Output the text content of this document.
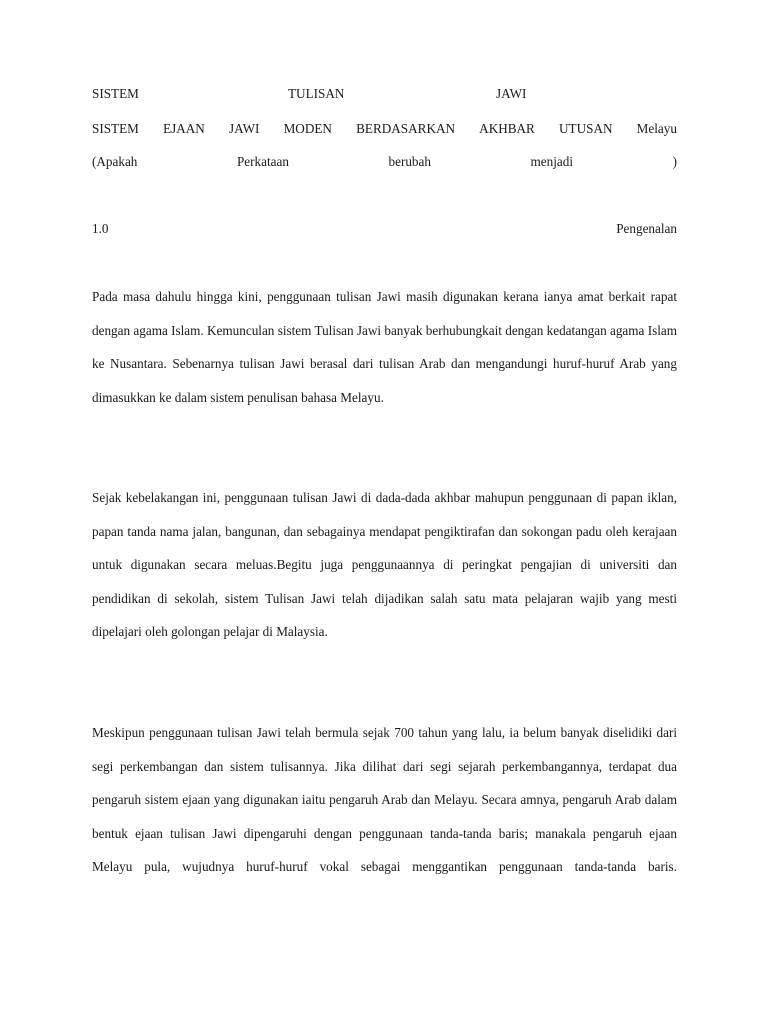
SISTEM	TULISAN	JAWI
SISTEM EJAAN JAWI MODEN BERDASARKAN AKHBAR UTUSAN Melayu
(Apakah	Perkataan	berubah	menjadi	)
1.0	Pengenalan

Pada masa dahulu hingga kini, penggunaan tulisan Jawi masih digunakan kerana ianya amat berkait rapat dengan agama Islam. Kemunculan sistem Tulisan Jawi banyak berhubungkait dengan kedatangan agama Islam ke Nusantara. Sebenarnya tulisan Jawi berasal dari tulisan Arab dan mengandungi huruf-huruf Arab yang dimasukkan ke dalam sistem penulisan bahasa Melayu.

Sejak kebelakangan ini, penggunaan tulisan Jawi di dada-dada akhbar mahupun penggunaan di papan iklan, papan tanda nama jalan, bangunan, dan sebagainya mendapat pengiktirafan dan sokongan padu oleh kerajaan untuk digunakan secara meluas.Begitu juga penggunaannya di peringkat pengajian di universiti dan pendidikan di sekolah, sistem Tulisan Jawi telah dijadikan salah satu mata pelajaran wajib yang mesti dipelajari oleh golongan pelajar di Malaysia.

Meskipun penggunaan tulisan Jawi telah bermula sejak 700 tahun yang lalu, ia belum banyak diselidiki dari segi perkembangan dan sistem tulisannya. Jika dilihat dari segi sejarah perkembangannya, terdapat dua pengaruh sistem ejaan yang digunakan iaitu pengaruh Arab dan Melayu. Secara amnya, pengaruh Arab dalam bentuk ejaan tulisan Jawi dipengaruhi dengan penggunaan tanda-tanda baris; manakala pengaruh ejaan Melayu pula, wujudnya huruf-huruf vokal sebagai menggantikan penggunaan tanda-tanda baris.
